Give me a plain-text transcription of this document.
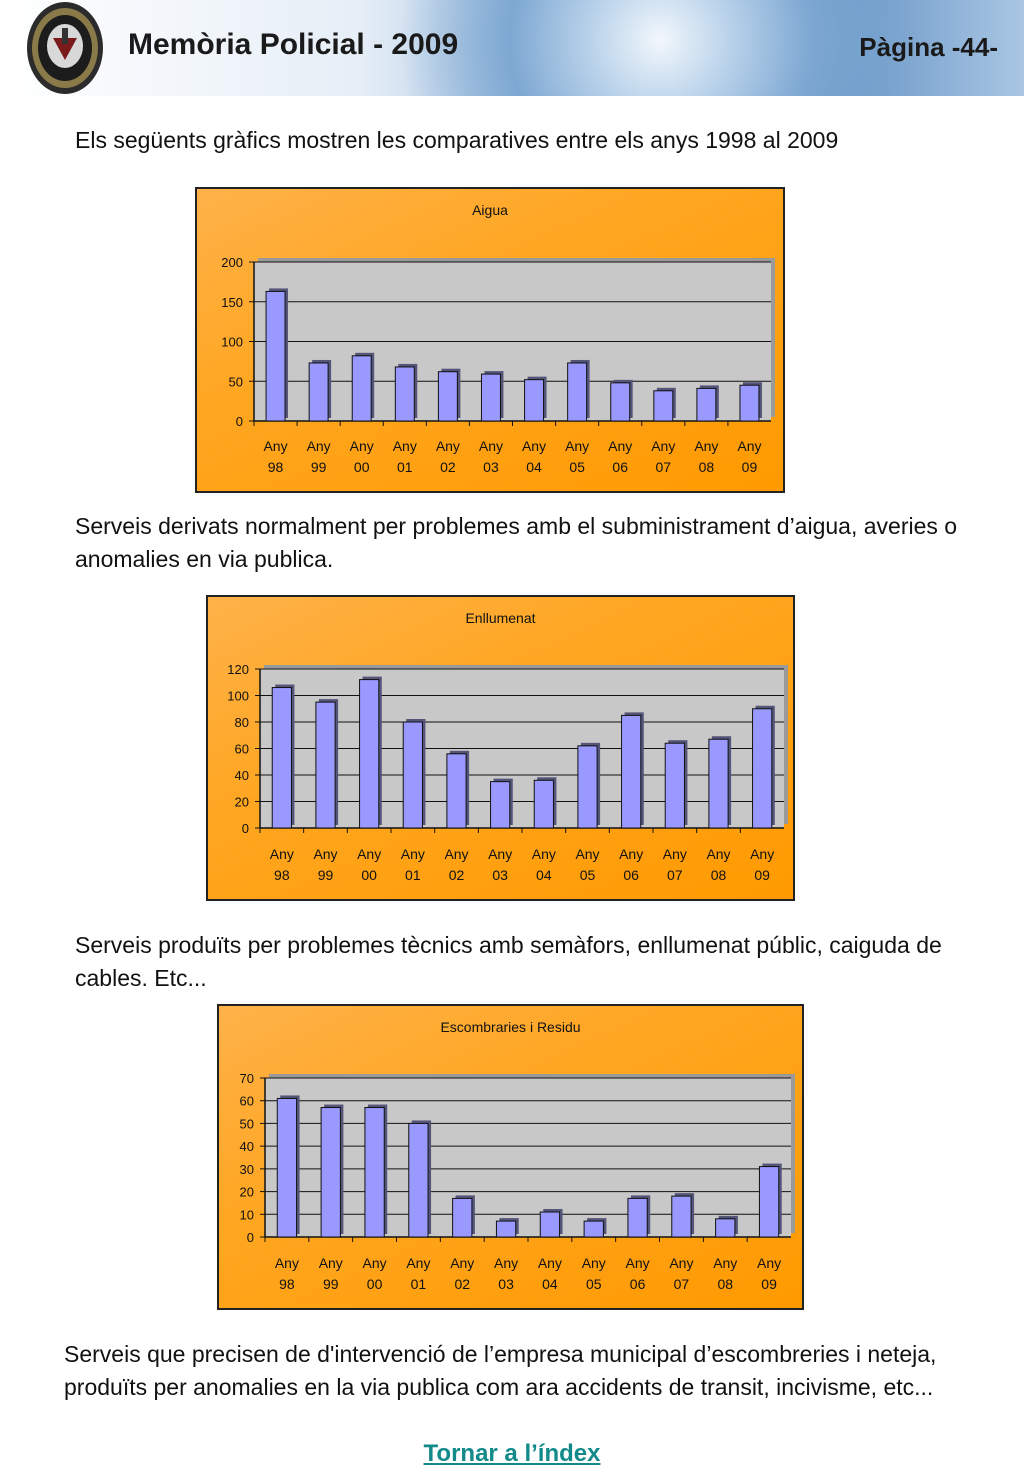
Memòria Policial - 2009	Pàgina -44-

Els següents gràfics mostren les comparatives entre els anys 1998 al 2009

0
50
100
150
200
Any
98
Any
99
Any
00
Any
01
Any
02
Any
03
Any
04
Any
05
Any
06
Any
07
Any
08
Any
09
Aigua

Serveis derivats normalment per problemes amb el subministrament d’aigua, averies o anomalies en via publica.

0
20
40
60
80
100
120
Any
98
Any
99
Any
00
Any
01
Any
02
Any
03
Any
04
Any
05
Any
06
Any
07
Any
08
Any
09
Enllumenat

Serveis produïts per problemes tècnics amb semàfors, enllumenat públic, caiguda de cables. Etc...

0
10
20
30
40
50
60
70
Any
98
Any
99
Any
00
Any
01
Any
02
Any
03
Any
04
Any
05
Any
06
Any
07
Any
08
Any
09
Escombraries i Residu

Serveis que precisen de d'intervenció de l’empresa municipal d’escombreries i neteja, produïts per anomalies en la via publica com ara accidents de transit, incivisme, etc...

Tornar a l’índex
